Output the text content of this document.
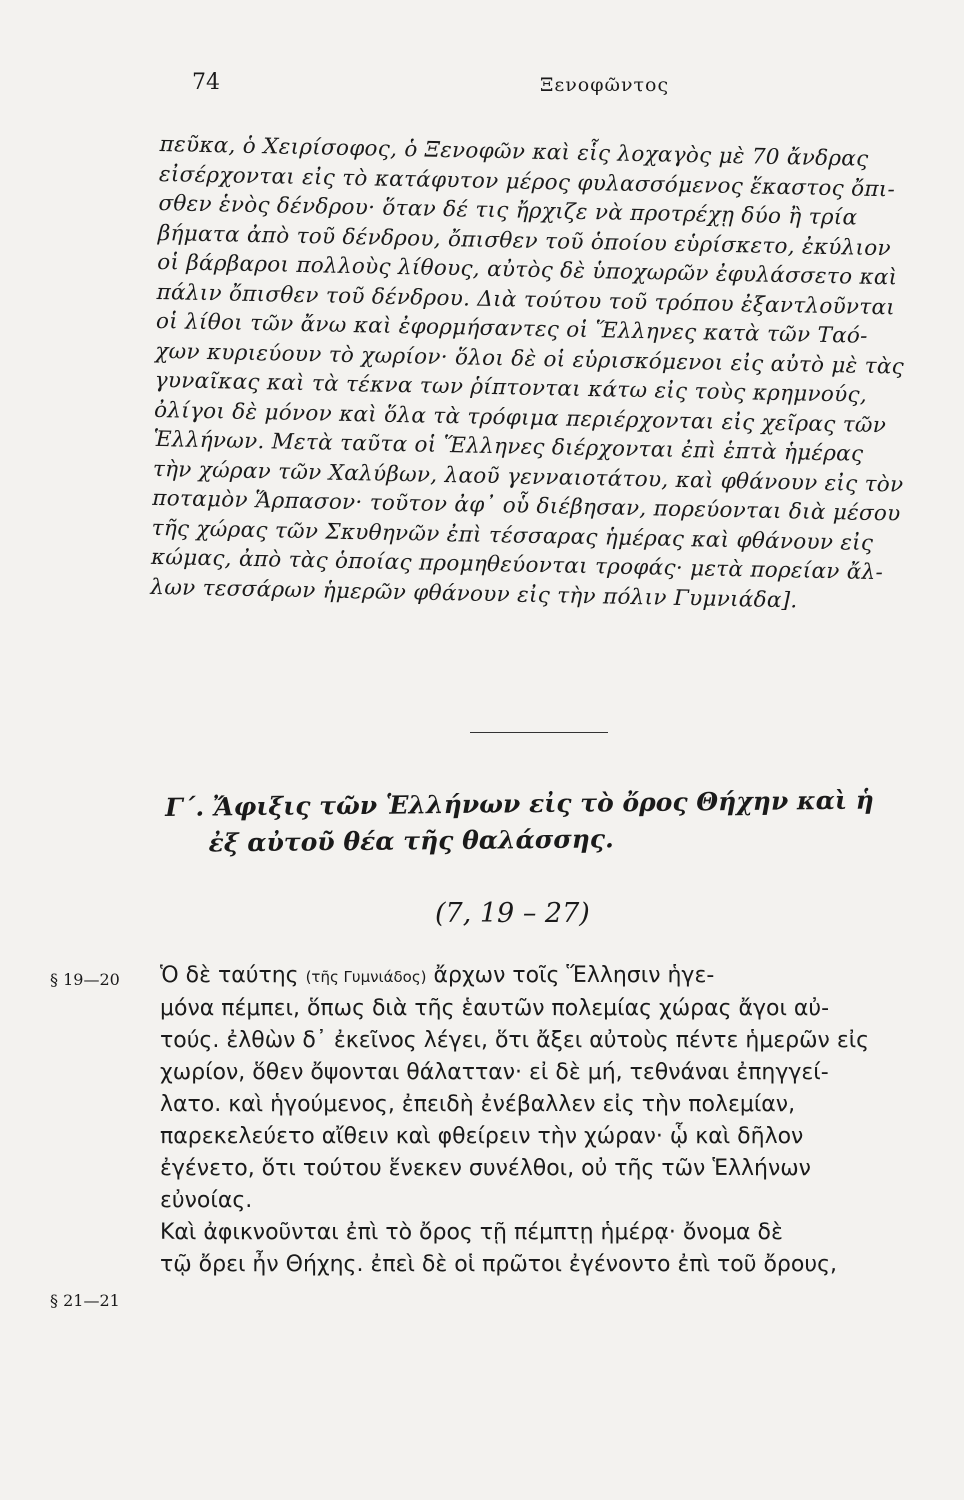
74	Ξενοφῶντος
πεῦκα, ὁ Χειρίσοφος, ὁ Ξενοφῶν καὶ εἷς λοχαγὸς μὲ 70 ἄνδρας
εἰσέρχονται εἰς τὸ κατάφυτον μέρος φυλασσόμενος ἕκαστος ὄπι-
σθεν ἑνὸς δένδρου· ὅταν δέ τις ἤρχιζε νὰ προτρέχῃ δύο ἢ τρία
βήματα ἀπὸ τοῦ δένδρου, ὄπισθεν τοῦ ὁποίου εὑρίσκετο, ἐκύλιον
οἱ βάρβαροι πολλοὺς λίθους, αὐτὸς δὲ ὑποχωρῶν ἐφυλάσσετο καὶ
πάλιν ὄπισθεν τοῦ δένδρου. Διὰ τούτου τοῦ τρόπου ἐξαντλοῦνται
οἱ λίθοι τῶν ἄνω καὶ ἐφορμήσαντες οἱ Ἕλληνες κατὰ τῶν Ταό-
χων κυριεύουν τὸ χωρίον· ὅλοι δὲ οἱ εὑρισκόμενοι εἰς αὐτὸ μὲ τὰς
γυναῖκας καὶ τὰ τέκνα των ῥίπτονται κάτω εἰς τοὺς κρημνούς,
ὀλίγοι δὲ μόνον καὶ ὅλα τὰ τρόφιμα περιέρχονται εἰς χεῖρας τῶν
Ἑλλήνων. Μετὰ ταῦτα οἱ Ἕλληνες διέρχονται ἐπὶ ἑπτὰ ἡμέρας
τὴν χώραν τῶν Χαλύβων, λαοῦ γενναιοτάτου, καὶ φθάνουν εἰς τὸν
ποταμὸν Ἅρπασον· τοῦτον ἀφ᾽ οὗ διέβησαν, πορεύονται διὰ μέσου
τῆς χώρας τῶν Σκυθηνῶν ἐπὶ τέσσαρας ἡμέρας καὶ φθάνουν εἰς
κώμας, ἀπὸ τὰς ὁποίας προμηθεύονται τροφάς· μετὰ πορείαν ἄλ-
λων τεσσάρων ἡμερῶν φθάνουν εἰς τὴν πόλιν Γυμνιάδα].
Γ΄. Ἄφιξις τῶν Ἑλλήνων εἰς τὸ ὄρος Θήχην καὶ ἡ
ἐξ αὐτοῦ θέα τῆς θαλάσσης.
(7, 19 – 27)
§ 19—20
§ 21—21
Ὁ δὲ ταύτης (τῆς Γυμνιάδος) ἄρχων τοῖς Ἕλλησιν ἡγε-
μόνα πέμπει, ὅπως διὰ τῆς ἑαυτῶν πολεμίας χώρας ἄγοι αὐ-
τούς. ἐλθὼν δ᾽ ἐκεῖνος λέγει, ὅτι ἄξει αὐτοὺς πέντε ἡμερῶν εἰς
χωρίον, ὅθεν ὄψονται θάλατταν· εἰ δὲ μή, τεθνάναι ἐπηγγεί-
λατο. καὶ ἡγούμενος, ἐπειδὴ ἐνέβαλλεν εἰς τὴν πολεμίαν,
παρεκελεύετο αἴθειν καὶ φθείρειν τὴν χώραν· ᾧ καὶ δῆλον
ἐγένετο, ὅτι τούτου ἕνεκεν συνέλθοι, οὐ τῆς τῶν Ἑλλήνων
εὐνοίας.
Καὶ ἀφικνοῦνται ἐπὶ τὸ ὄρος τῇ πέμπτῃ ἡμέρᾳ· ὄνομα δὲ
τῷ ὄρει ἦν Θήχης. ἐπεὶ δὲ οἱ πρῶτοι ἐγένοντο ἐπὶ τοῦ ὄρους,
